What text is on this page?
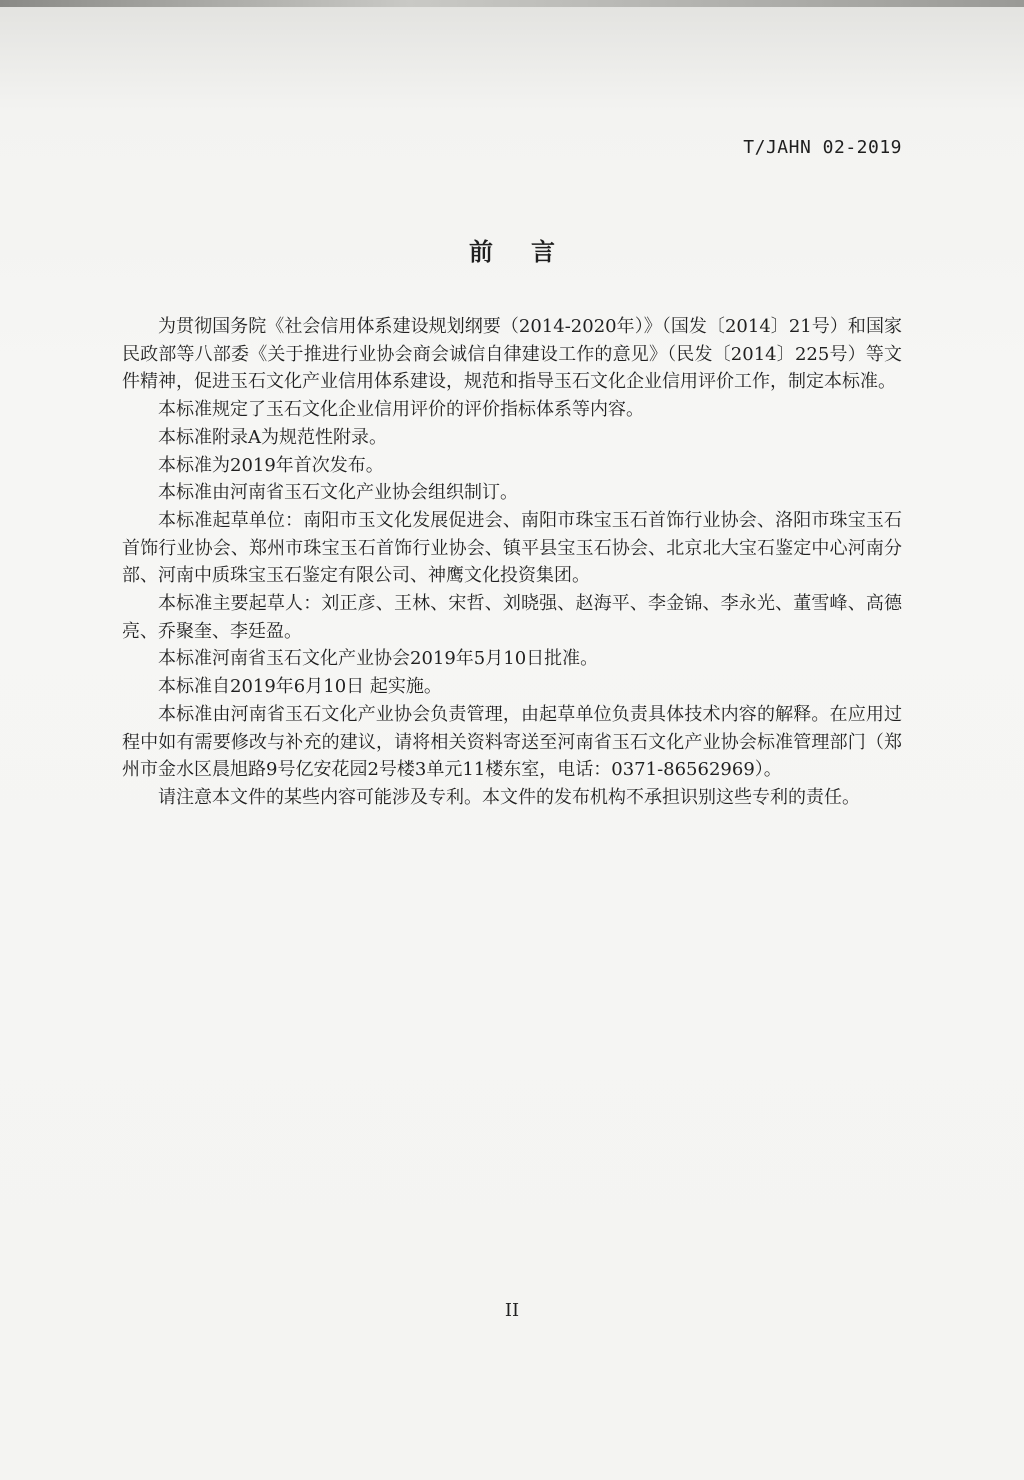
T/JAHN 02-2019
前言

为贯彻国务院《社会信用体系建设规划纲要（2014-2020年）》（国发〔2014〕21号）和国家民政部等八部委《关于推进行业协会商会诚信自律建设工作的意见》（民发〔2014〕225号）等文件精神，促进玉石文化产业信用体系建设，规范和指导玉石文化企业信用评价工作，制定本标准。

本标准规定了玉石文化企业信用评价的评价指标体系等内容。

本标准附录A为规范性附录。

本标准为2019年首次发布。

本标准由河南省玉石文化产业协会组织制订。

本标准起草单位：南阳市玉文化发展促进会、南阳市珠宝玉石首饰行业协会、洛阳市珠宝玉石首饰行业协会、郑州市珠宝玉石首饰行业协会、镇平县宝玉石协会、北京北大宝石鉴定中心河南分部、河南中质珠宝玉石鉴定有限公司、神鹰文化投资集团。

本标准主要起草人：刘正彦、王林、宋哲、刘晓强、赵海平、李金锦、李永光、董雪峰、高德亮、乔聚奎、李廷盈。

本标准河南省玉石文化产业协会2019年5月10日批准。

本标准自2019年6月10日 起实施。

本标准由河南省玉石文化产业协会负责管理，由起草单位负责具体技术内容的解释。在应用过程中如有需要修改与补充的建议，请将相关资料寄送至河南省玉石文化产业协会标准管理部门（郑州市金水区晨旭路9号亿安花园2号楼3单元11楼东室，电话：0371-86562969）。

请注意本文件的某些内容可能涉及专利。本文件的发布机构不承担识别这些专利的责任。

II
